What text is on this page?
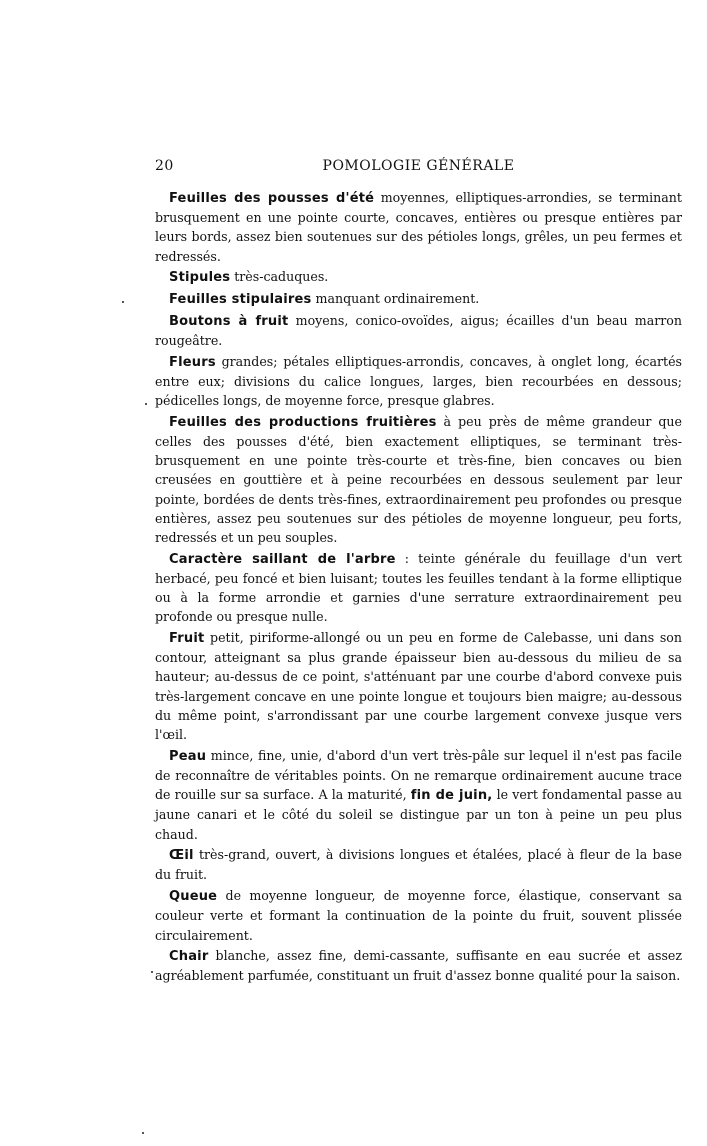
20	POMOLOGIE GÉNÉRALE

Feuilles des pousses d'été moyennes, elliptiques-arrondies, se terminant brusquement en une pointe courte, concaves, entières ou presque entières par leurs bords, assez bien soutenues sur des pétioles longs, grêles, un peu fermes et redressés.

Stipules très-caduques.

Feuilles stipulaires manquant ordinairement.

Boutons à fruit moyens, conico-ovoïdes, aigus; écailles d'un beau marron rougeâtre.

Fleurs grandes; pétales elliptiques-arrondis, concaves, à onglet long, écartés entre eux; divisions du calice longues, larges, bien recourbées en dessous; pédicelles longs, de moyenne force, presque glabres.

Feuilles des productions fruitières à peu près de même grandeur que celles des pousses d'été, bien exactement elliptiques, se terminant très-brusquement en une pointe très-courte et très-fine, bien concaves ou bien creusées en gouttière et à peine recourbées en dessous seulement par leur pointe, bordées de dents très-fines, extraordinairement peu profondes ou presque entières, assez peu soutenues sur des pétioles de moyenne longueur, peu forts, redressés et un peu souples.

Caractère saillant de l'arbre : teinte générale du feuillage d'un vert herbacé, peu foncé et bien luisant; toutes les feuilles tendant à la forme elliptique ou à la forme arrondie et garnies d'une serrature extraordinairement peu profonde ou presque nulle.

Fruit petit, piriforme-allongé ou un peu en forme de Calebasse, uni dans son contour, atteignant sa plus grande épaisseur bien au-dessous du milieu de sa hauteur; au-dessus de ce point, s'atténuant par une courbe d'abord convexe puis très-largement concave en une pointe longue et toujours bien maigre; au-dessous du même point, s'arrondissant par une courbe largement convexe jusque vers l'œil.

Peau mince, fine, unie, d'abord d'un vert très-pâle sur lequel il n'est pas facile de reconnaître de véritables points. On ne remarque ordinairement aucune trace de rouille sur sa surface. A la maturité, fin de juin, le vert fondamental passe au jaune canari et le côté du soleil se distingue par un ton à peine un peu plus chaud.

Œil très-grand, ouvert, à divisions longues et étalées, placé à fleur de la base du fruit.

Queue de moyenne longueur, de moyenne force, élastique, conservant sa couleur verte et formant la continuation de la pointe du fruit, souvent plissée circulairement.

Chair blanche, assez fine, demi-cassante, suffisante en eau sucrée et assez agréablement parfumée, constituant un fruit d'assez bonne qualité pour la saison.
